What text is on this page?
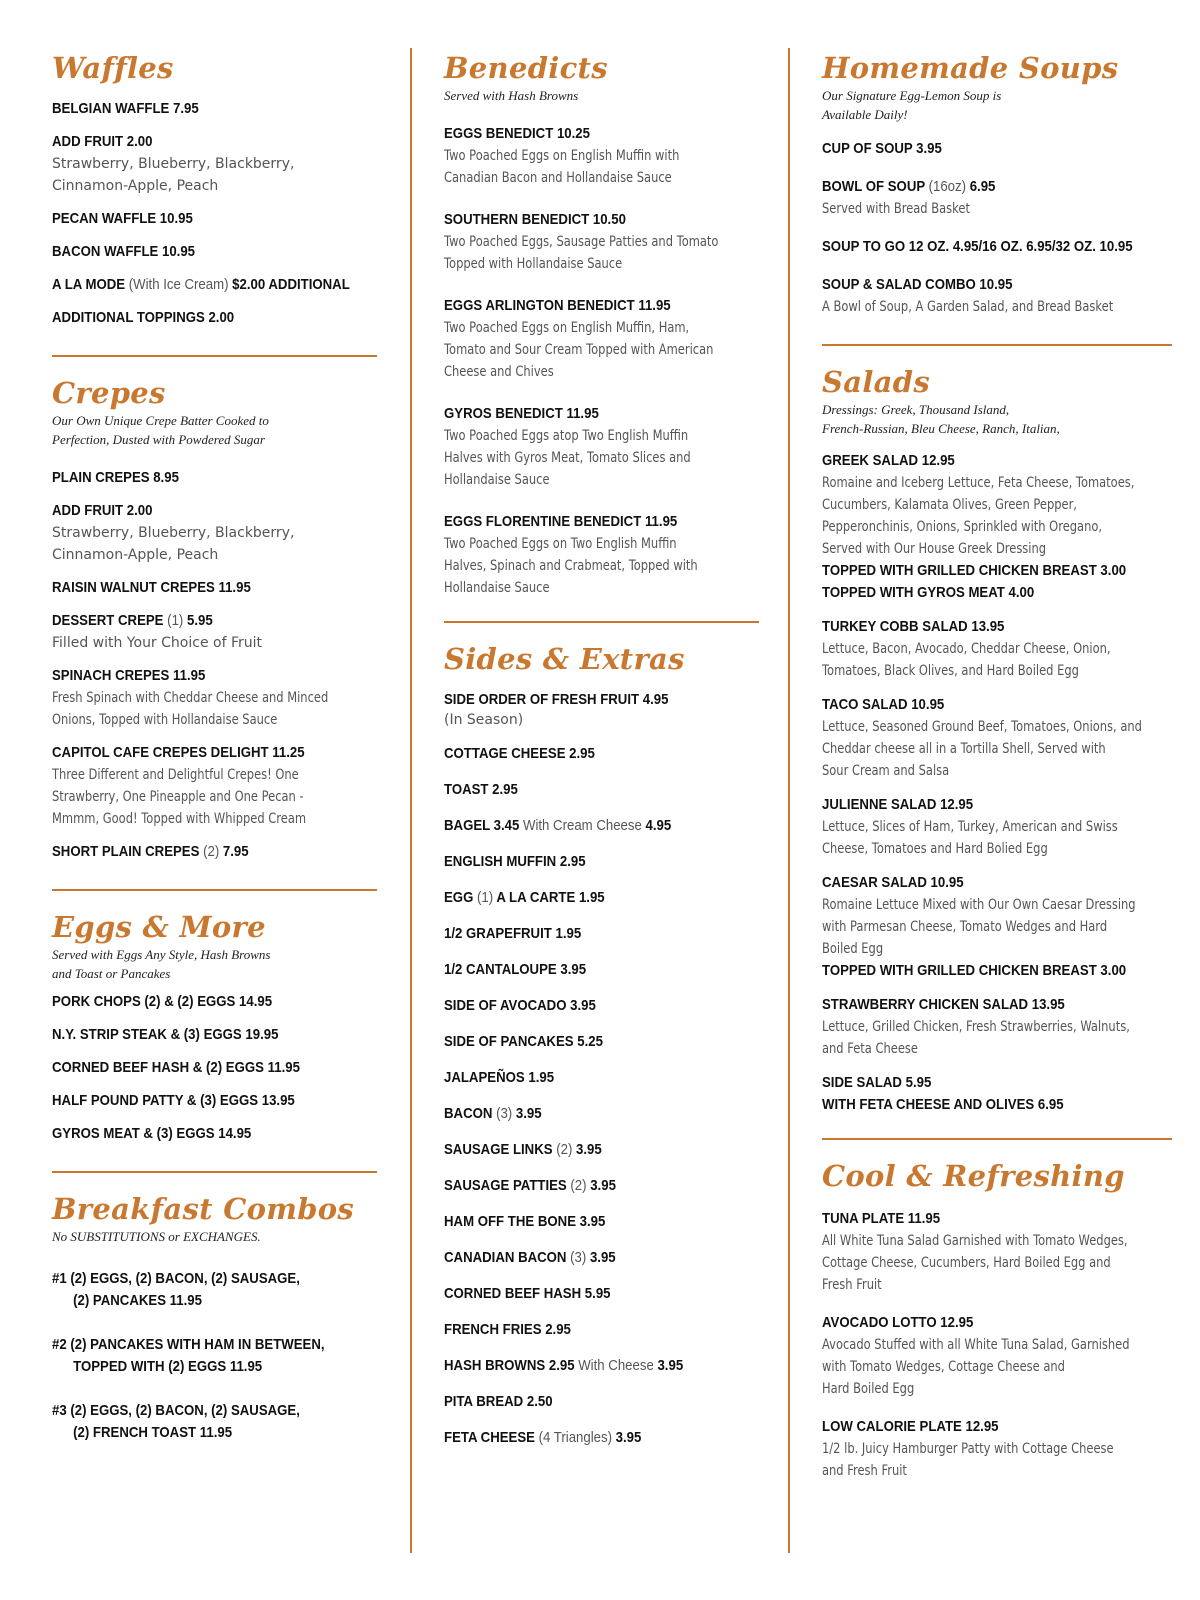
Waffles
BELGIAN WAFFLE 7.95
ADD FRUIT 2.00
Strawberry, Blueberry, Blackberry,
Cinnamon-Apple, Peach
PECAN WAFFLE 10.95
BACON WAFFLE 10.95
A LA MODE (With Ice Cream) $2.00 ADDITIONAL
ADDITIONAL TOPPINGS 2.00
Crepes
Our Own Unique Crepe Batter Cooked to
Perfection, Dusted with Powdered Sugar
PLAIN CREPES 8.95
ADD FRUIT 2.00
Strawberry, Blueberry, Blackberry,
Cinnamon-Apple, Peach
RAISIN WALNUT CREPES 11.95
DESSERT CREPE (1) 5.95
Filled with Your Choice of Fruit
SPINACH CREPES 11.95
Fresh Spinach with Cheddar Cheese and Minced
Onions, Topped with Hollandaise Sauce
CAPITOL CAFE CREPES DELIGHT 11.25
Three Different and Delightful Crepes! One
Strawberry, One Pineapple and One Pecan -
Mmmm, Good! Topped with Whipped Cream
SHORT PLAIN CREPES (2) 7.95
Eggs & More
Served with Eggs Any Style, Hash Browns
and Toast or Pancakes
PORK CHOPS (2) & (2) EGGS 14.95
N.Y. STRIP STEAK & (3) EGGS 19.95
CORNED BEEF HASH & (2) EGGS 11.95
HALF POUND PATTY & (3) EGGS 13.95
GYROS MEAT & (3) EGGS 14.95
Breakfast Combos
No SUBSTITUTIONS or EXCHANGES.
#1 (2) EGGS, (2) BACON, (2) SAUSAGE,
(2) PANCAKES 11.95
#2 (2) PANCAKES WITH HAM IN BETWEEN,
TOPPED WITH (2) EGGS 11.95
#3 (2) EGGS, (2) BACON, (2) SAUSAGE,
(2) FRENCH TOAST 11.95
Benedicts
Served with Hash Browns
EGGS BENEDICT 10.25
Two Poached Eggs on English Muffin with
Canadian Bacon and Hollandaise Sauce
SOUTHERN BENEDICT 10.50
Two Poached Eggs, Sausage Patties and Tomato
Topped with Hollandaise Sauce
EGGS ARLINGTON BENEDICT 11.95
Two Poached Eggs on English Muffin, Ham,
Tomato and Sour Cream Topped with American
Cheese and Chives
GYROS BENEDICT 11.95
Two Poached Eggs atop Two English Muffin
Halves with Gyros Meat, Tomato Slices and
Hollandaise Sauce
EGGS FLORENTINE BENEDICT 11.95
Two Poached Eggs on Two English Muffin
Halves, Spinach and Crabmeat, Topped with
Hollandaise Sauce
Sides & Extras
SIDE ORDER OF FRESH FRUIT 4.95
(In Season)
COTTAGE CHEESE 2.95
TOAST 2.95
BAGEL 3.45 With Cream Cheese 4.95
ENGLISH MUFFIN 2.95
EGG (1) A LA CARTE 1.95
1/2 GRAPEFRUIT 1.95
1/2 CANTALOUPE 3.95
SIDE OF AVOCADO 3.95
SIDE OF PANCAKES 5.25
JALAPEÑOS 1.95
BACON (3) 3.95
SAUSAGE LINKS (2) 3.95
SAUSAGE PATTIES (2) 3.95
HAM OFF THE BONE 3.95
CANADIAN BACON (3) 3.95
CORNED BEEF HASH 5.95
FRENCH FRIES 2.95
HASH BROWNS 2.95 With Cheese 3.95
PITA BREAD 2.50
FETA CHEESE (4 Triangles) 3.95
Homemade Soups
Our Signature Egg-Lemon Soup is
Available Daily!
CUP OF SOUP 3.95
BOWL OF SOUP (16oz) 6.95
Served with Bread Basket
SOUP TO GO 12 OZ. 4.95/16 OZ. 6.95/32 OZ. 10.95
SOUP & SALAD COMBO 10.95
A Bowl of Soup, A Garden Salad, and Bread Basket
Salads
Dressings: Greek, Thousand Island,
French-Russian, Bleu Cheese, Ranch, Italian,
GREEK SALAD 12.95
Romaine and Iceberg Lettuce, Feta Cheese, Tomatoes,
Cucumbers, Kalamata Olives, Green Pepper,
Pepperonchinis, Onions, Sprinkled with Oregano,
Served with Our House Greek Dressing
TOPPED WITH GRILLED CHICKEN BREAST 3.00
TOPPED WITH GYROS MEAT 4.00
TURKEY COBB SALAD 13.95
Lettuce, Bacon, Avocado, Cheddar Cheese, Onion,
Tomatoes, Black Olives, and Hard Boiled Egg
TACO SALAD 10.95
Lettuce, Seasoned Ground Beef, Tomatoes, Onions, and
Cheddar cheese all in a Tortilla Shell, Served with
Sour Cream and Salsa
JULIENNE SALAD 12.95
Lettuce, Slices of Ham, Turkey, American and Swiss
Cheese, Tomatoes and Hard Bolied Egg
CAESAR SALAD 10.95
Romaine Lettuce Mixed with Our Own Caesar Dressing
with Parmesan Cheese, Tomato Wedges and Hard
Boiled Egg
TOPPED WITH GRILLED CHICKEN BREAST 3.00
STRAWBERRY CHICKEN SALAD 13.95
Lettuce, Grilled Chicken, Fresh Strawberries, Walnuts,
and Feta Cheese
SIDE SALAD 5.95
WITH FETA CHEESE AND OLIVES 6.95
Cool & Refreshing
TUNA PLATE 11.95
All White Tuna Salad Garnished with Tomato Wedges,
Cottage Cheese, Cucumbers, Hard Boiled Egg and
Fresh Fruit
AVOCADO LOTTO 12.95
Avocado Stuffed with all White Tuna Salad, Garnished
with Tomato Wedges, Cottage Cheese and
Hard Boiled Egg
LOW CALORIE PLATE 12.95
1/2 lb. Juicy Hamburger Patty with Cottage Cheese
and Fresh Fruit
